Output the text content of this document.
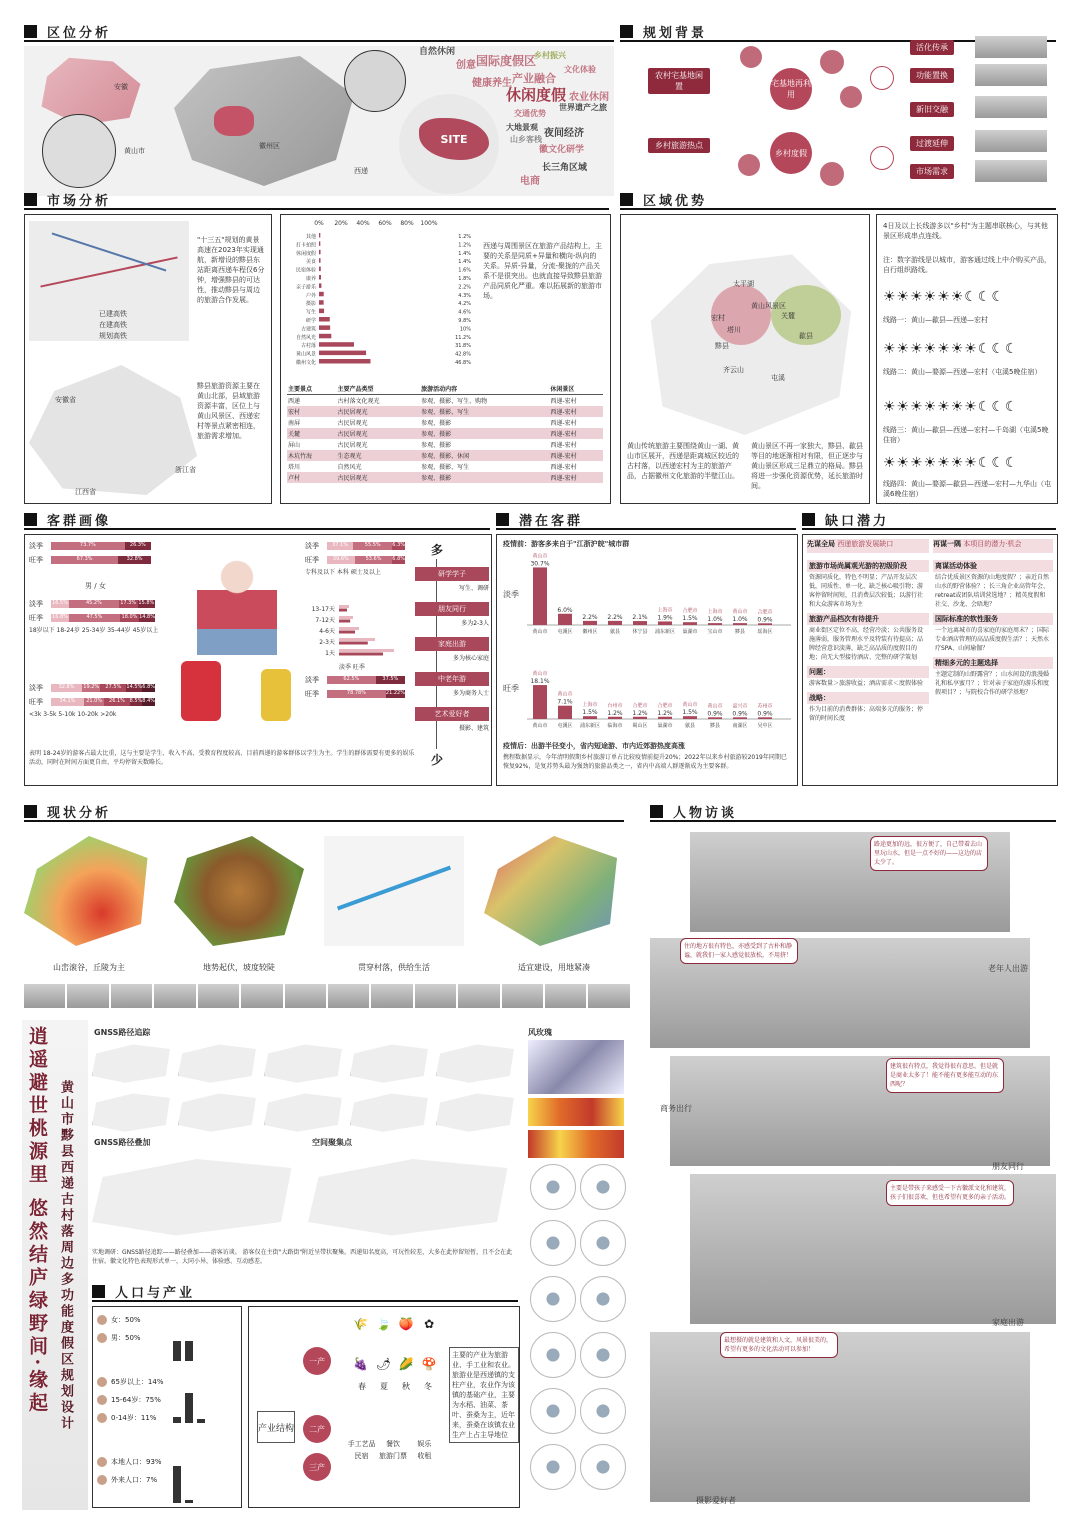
区位分析
SITE
安徽
黄山市
徽州区
西递
自然休闲
国际度假区
创意
产业融合
休闲度假 农业休闲
健康养生
交通优势
夜间经济
徽文化研学
长三角区域
电商
世界遗产之旅
大地景观
山乡客栈
乡村振兴
文化体验
规划背景
农村宅基地闲置
乡村旅游热点
宅基地再利用
乡村度假
活化传承
功能置换
新旧交融
过渡延伸
市场需求
市场分析
已建高铁
在建高铁
规划高铁
"十三五"规划的黄景高速在2023年实现通航，新增设的黟县东站距离西递车程仅6分钟，增强黟县的可达性，推动黟县与周边的旅游合作发展。
安徽省
江西省
浙江省
黟县旅游资源主要在黄山北部，县域旅游资源丰富，区位上与黄山风景区、西递宏村等景点紧密相连，旅游需求增加。
0% 20% 40% 60% 80% 100%
其他	1.2%
打卡拍照	1.2%
休闲度假	1.4%
美食	1.4%
民宿体验	1.6%
康养	1.8%
亲子游乐	2.2%
户外	4.3%
摄影	4.2%
写生	4.6%
研学	9.8%
古建筑	10%
自然风光	11.2%
古村落	31.8%
黄山风景	42.8%
徽州文化	46.8%
西递与周围景区在旅游产品结构上，主要的关系是同质+异量和横向-纵向的关系。异质-异量，分流-聚拢的产品关系不是很突出。也就直接导致黟县旅游产品同质化严重。难以拓展新的旅游市场。
主要景点	主要产品类型	旅游活动内容	休闲景区
西递	古村落文化观光	参观、摄影、写生、购物	西递-宏村
宏村	古民居观光	参观、摄影、写生	西递-宏村
南屏	古民居观光	参观、摄影	西递-宏村
关麓	古民居观光	参观、摄影	西递-宏村
屏山	古民居观光	参观、摄影	西递-宏村
木坑竹海	生态观光	参观、摄影、休闲	西递-宏村
塔川	自然风光	参观、摄影、写生	西递-宏村
卢村	古民居观光	参观、摄影	西递-宏村
区域优势
太平湖
黄山风景区
宏村
塔川
关麓
黟县
齐云山
屯溪
歙县
黄山传统旅游主要围绕黄山一湖、黄山市区展开，西递是距离城区较近的古村落，以西递宏村为主的旅游产品，占据徽州文化旅游的半壁江山。
黄山景区不再一家独大，黟县、歙县等目的地逐渐相对有限，但正逐步与黄山景区形成三足鼎立的格局。黟县将进一步强化资源优势，延长旅游时间。
4日及以上长线游多以"乡村"为主题串联核心，与其他景区形成串点连线。
注：数字游线是以城市，游客通过线上中介购买产品，自行组织路线。
☀☀☀☀☀☀☾☾☾
线路一：黄山—歙县—西递—宏村
☀☀☀☀☀☀☀☾☾☾
线路二：黄山—婺源—西递—宏村（屯溪5晚住宿）
☀☀☀☀☀☀☀☾☾☾
线路三：黄山—歙县—西递—宏村—千岛湖（屯溪5晚住宿）
☀☀☀☀☀☀☀☾☾☾
线路四：黄山—婺源—歙县—西递—宏村—九华山（屯溪6晚住宿）
客群画像
淡季	73.7%	26.3%
旺季	67.3%	32.8%
男 / 女
淡季	16.5%	45.2%	17.3% 15.8%
旺季	16.8%	47.5%	18.0% 14.8%
18岁以下 18-24岁 25-34岁 35-44岁 45岁以上
淡季	32.8%	19.2%	27.5%	14.5% 6.8%
旺季	34.1%	21.0%	26.1% 8.5% 8.4%
<3k 3-5k 5-10k 10-20k >20k
淡季	37.1%	55.5%	6.3%
旺季	39.6%	53.6%	6.8%
专科及以下 本科 硕士及以上
13-17天
7-12天
4-6天
2-3天
1天
淡季 旺季
淡季	62.5%	37.5%
旺季	78.78%	21.22%
多
研学学子
写生、调研
朋友同行
多为2-3人
家庭出游
多为核心家庭
中老年游
多为商务人士
艺术爱好者
摄影、建筑
少
表明 18-24岁的游客占最大比重，这与主要是学生、收入不高、受教育程度较高、目前西递的游客群体以学生为主。学生的群体需要有更多的娱乐活动，同时在时间方面更自由、平均停留天数略长。
潜在客群
疫情前：游客多来自于"江浙沪皖"城市群
淡季
30.7%
黄山市
黄山市
6.0%
屯溪区
2.2%
徽州区
2.2%
歙县
2.1%
休宁县
1.9%
上海市
浦东新区
1.5%
合肥市
巢湖市
1.0%
上海市
宝山市
1.0%
黄山市
黟县
0.9%
合肥市
瑶海区
旺季
18.1%
黄山市
黄山市
7.1%
黄山市
屯溪区
1.5%
上海市
浦东新区
1.2%
台州市
临海市
1.2%
合肥市
蜀山区
1.2%
合肥市
巢湖市
1.5%
黄山市
歙县
0.9%
黄山市
黟县
0.9%
嘉兴市
南湖区
0.9%
苏州市
吴中区
疫情后：出游半径变小，省内短途游、市内近郊游热度高涨
携程数据显示，今年清明假期乡村旅游订单占比较疫情前提升20%；2022年以来乡村旅游较2019年同期已恢复92%，是复苏势头最为强劲的旅游品类之一，省内中高端人群逐渐成为主要客群。
缺口潜力
先谋全局 西递旅游发展缺口	再谋一隅 本项目的潜力·机会
旅游市场尚属观光游的初级阶段
资源同质化，特色不明显；产品开发层次低，同质性、单一化、缺乏核心吸引物；游客停留时间短，且消费层次较低；以游行社和大众游客市场为主
旅游产品档次有待提升
商业街区定位不高，经营冷淡；公共服务设施薄弱，服务管理水平及特装有待提高；品牌经营意识淡薄，缺乏高品质的度假目的地；尚无大型接待酒店、完整的研学策划
问题：
游客数量＞旅游收益；酒店需求＜度假体验
战略：
作为目前的消费群体；高端多元的服务；停留的时间长度
离谋活动体验
结合优质景区资源的山地度假？；亲近自然山水的野营体验？；长三角企业高管年会、retreat或团队培训营选地？；精英度假和社交、沙龙、会晤地？
国际标准的软性服务
一个远离城市的喜家庭的家庭周末？；国际专业酒店管理的高品质度假生活？；天然水疗SPA、山间瑜伽？
精细多元的主题选择
主题定制的山野露营？；山水间设的浪漫婚礼和私享蜜月？；针对亲子家庭的游乐和度假项目？；与院校合作的研学基地？
现状分析
山峦滚谷，丘陵为主	地势起伏，坡度较陡	贯穿村落，供给生活	适宜建设，用地紧凑
逍遥避世桃源里 悠然结庐绿野间·缘起 黄山市黟县西递古村落周边多功能度假区规划设计
GNSS路径追踪
GNSS路径叠加	空间聚集点
实地调研：GNSS路径追踪——路径叠加——游客访谈。 游客仅在主街"大路街"附近呈带状聚集。西递知名度高，可玩性较差，大多在此停留短暂，且不会在此住宿。徽文化特色表现形式单一，大同小异，体验感、互动感差。
风玫瑰
人口与产业
女：50%
男：50%
65岁以上：14%
15-64岁：75%
0-14岁：11%
本地人口：93%
外来人口：7%
产业结构
一产
二产
三产
🌾 🍃 🍑 ✿
🍇 🌶 🌽 🍄
春 夏 秋 冬
手工艺品	餐饮	娱乐
民宿	旅游门票	收租
主要的产业为旅游业、手工业和农业。旅游业是西递镇的支柱产业，农业作为该镇的基础产业，主要为水稻、油菜、茶叶、蚕桑为主，近年来，蚕桑在该镇农业生产上占主导地位
人物访谈
路途更加的远，很方便了，自己带着去山里玩山水，但是一点不好的——这边的店太少了。
住的地方很有特色，亦感受到了古朴和静谧，就我们一家人感觉很放松，不用挤！
建筑很有特点，我觉得很有意思，但是就是商业太多了！能不能有更多能互动的东西呢？
主要是带孩子来感受一下古徽派文化和建筑，孩子们很喜欢，但也希望有更多的亲子活动。
最想摄的就是建筑和人文，风景很美的，希望有更多的文化活动可以参加！
老年人出游
商务出行
朋友同行
家庭出游
摄影爱好者
